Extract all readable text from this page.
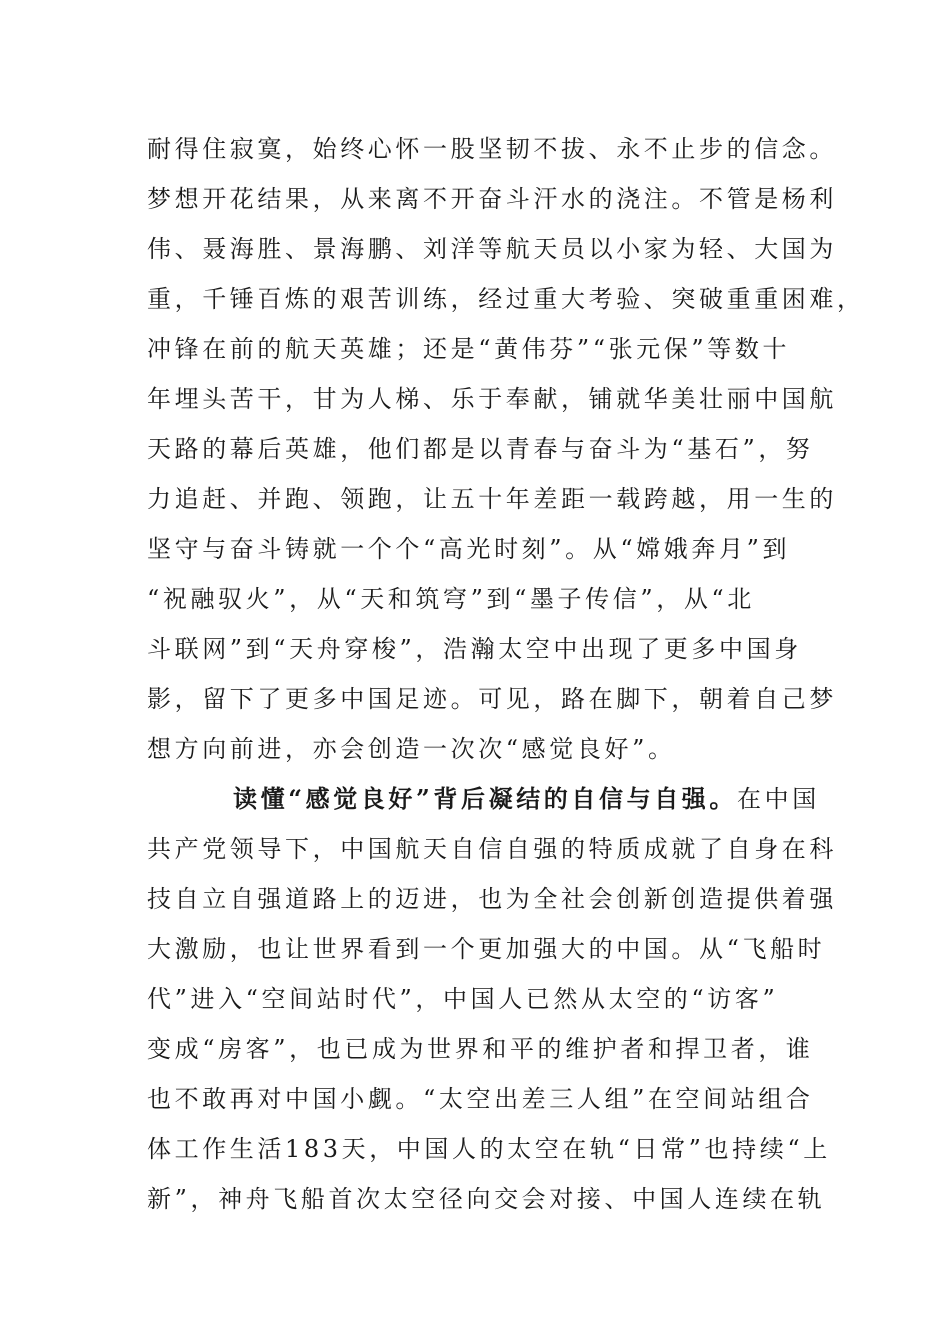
耐得住寂寞，始终心怀一股坚韧不拔、永不止步的信念。
梦想开花结果，从来离不开奋斗汗水的浇注。不管是杨利
伟、聂海胜、景海鹏、刘洋等航天员以小家为轻、大国为
重，千锤百炼的艰苦训练，经过重大考验、突破重重困难，
冲锋在前的航天英雄；还是“黄伟芬”“张元保”等数十
年埋头苦干，甘为人梯、乐于奉献，铺就华美壮丽中国航
天路的幕后英雄，他们都是以青春与奋斗为“基石”，努
力追赶、并跑、领跑，让五十年差距一载跨越，用一生的
坚守与奋斗铸就一个个“高光时刻”。从“嫦娥奔月”到
“祝融驭火”，从“天和筑穹”到“墨子传信”，从“北
斗联网”到“天舟穿梭”，浩瀚太空中出现了更多中国身
影，留下了更多中国足迹。可见，路在脚下，朝着自己梦
想方向前进，亦会创造一次次“感觉良好”。
读懂“感觉良好”背后凝结的自信与自强。在中国
共产党领导下，中国航天自信自强的特质成就了自身在科
技自立自强道路上的迈进，也为全社会创新创造提供着强
大激励，也让世界看到一个更加强大的中国。从“飞船时
代”进入“空间站时代”，中国人已然从太空的“访客”
变成“房客”，也已成为世界和平的维护者和捍卫者，谁
也不敢再对中国小觑。“太空出差三人组”在空间站组合
体工作生活183天，中国人的太空在轨“日常”也持续“上
新”，神舟飞船首次太空径向交会对接、中国人连续在轨
